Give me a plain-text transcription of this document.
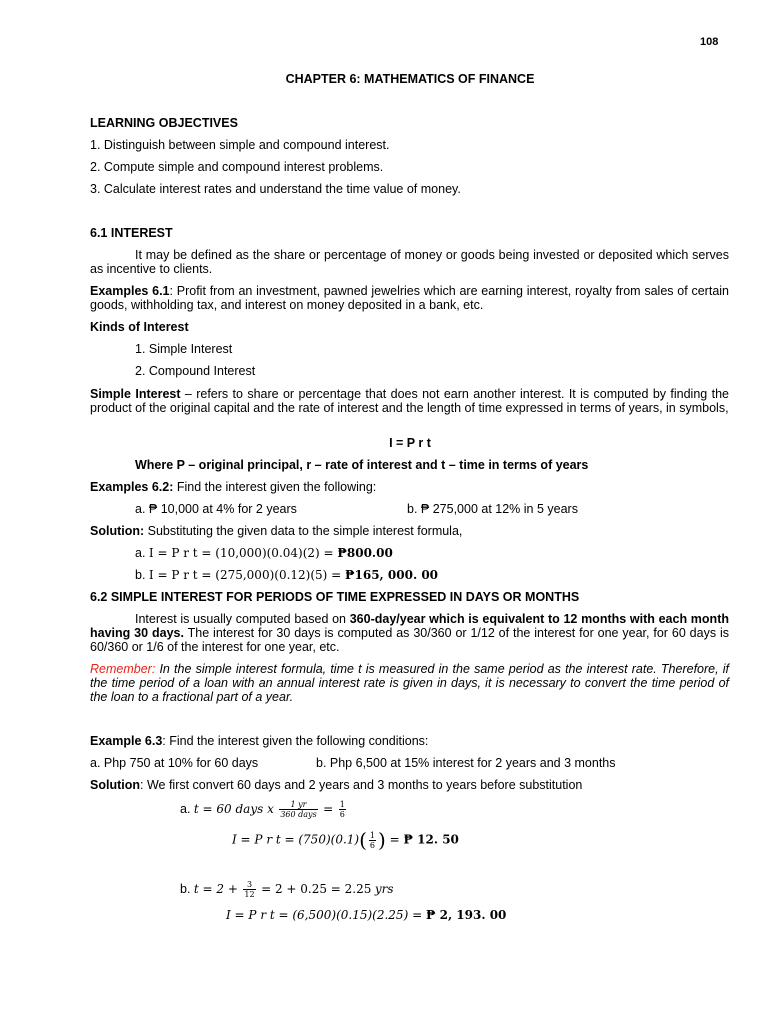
108
CHAPTER 6: MATHEMATICS OF FINANCE
LEARNING OBJECTIVES
1. Distinguish between simple and compound interest.
2. Compute simple and compound interest problems.
3. Calculate interest rates and understand the time value of money.
6.1 INTEREST
It may be defined as the share or percentage of money or goods being invested or deposited which serves as incentive to clients.
Examples 6.1: Profit from an investment, pawned jewelries which are earning interest, royalty from sales of certain goods, withholding tax, and interest on money deposited in a bank, etc.
Kinds of Interest
1. Simple Interest
2. Compound Interest
Simple Interest – refers to share or percentage that does not earn another interest. It is computed by finding the product of the original capital and the rate of interest and the length of time expressed in terms of years, in symbols,
I = P r t
Where P – original principal, r – rate of interest and t – time in terms of years
Examples 6.2: Find the interest given the following:
a. ₱ 10,000 at 4% for 2 years	b. ₱ 275,000 at 12% in 5 years
Solution: Substituting the given data to the simple interest formula,
a. I = P r t = (10,000)(0.04)(2) = ₱800.00
b. I = P r t = (275,000)(0.12)(5) = ₱165, 000. 00
6.2 SIMPLE INTEREST FOR PERIODS OF TIME EXPRESSED IN DAYS OR MONTHS
Interest is usually computed based on 360-day/year which is equivalent to 12 months with each month having 30 days. The interest for 30 days is computed as 30/360 or 1/12 of the interest for one year, for 60 days is 60/360 or 1/6 of the interest for one year, etc.
Remember: In the simple interest formula, time t is measured in the same period as the interest rate. Therefore, if the time period of a loan with an annual interest rate is given in days, it is necessary to convert the time period of the loan to a fractional part of a year.
Example 6.3: Find the interest given the following conditions:
a. Php 750 at 10% for 60 days	b. Php 6,500 at 15% interest for 2 years and 3 months
Solution: We first convert 60 days and 2 years and 3 months to years before substitution
a. t = 60 days x $\frac{1 yr}{\text{360 days}} = \frac{1}{6}$
I = P r $t = (750)(0.1)( \frac{1}{6}$ ) = ₱ 12. 50
b. $t = 2 + \frac{3}{12} = 2 + 0.25 = 2.25$ yrs
I = P r t = (6,500)(0.15)(2.25) = ₱ 2, 193. 00
